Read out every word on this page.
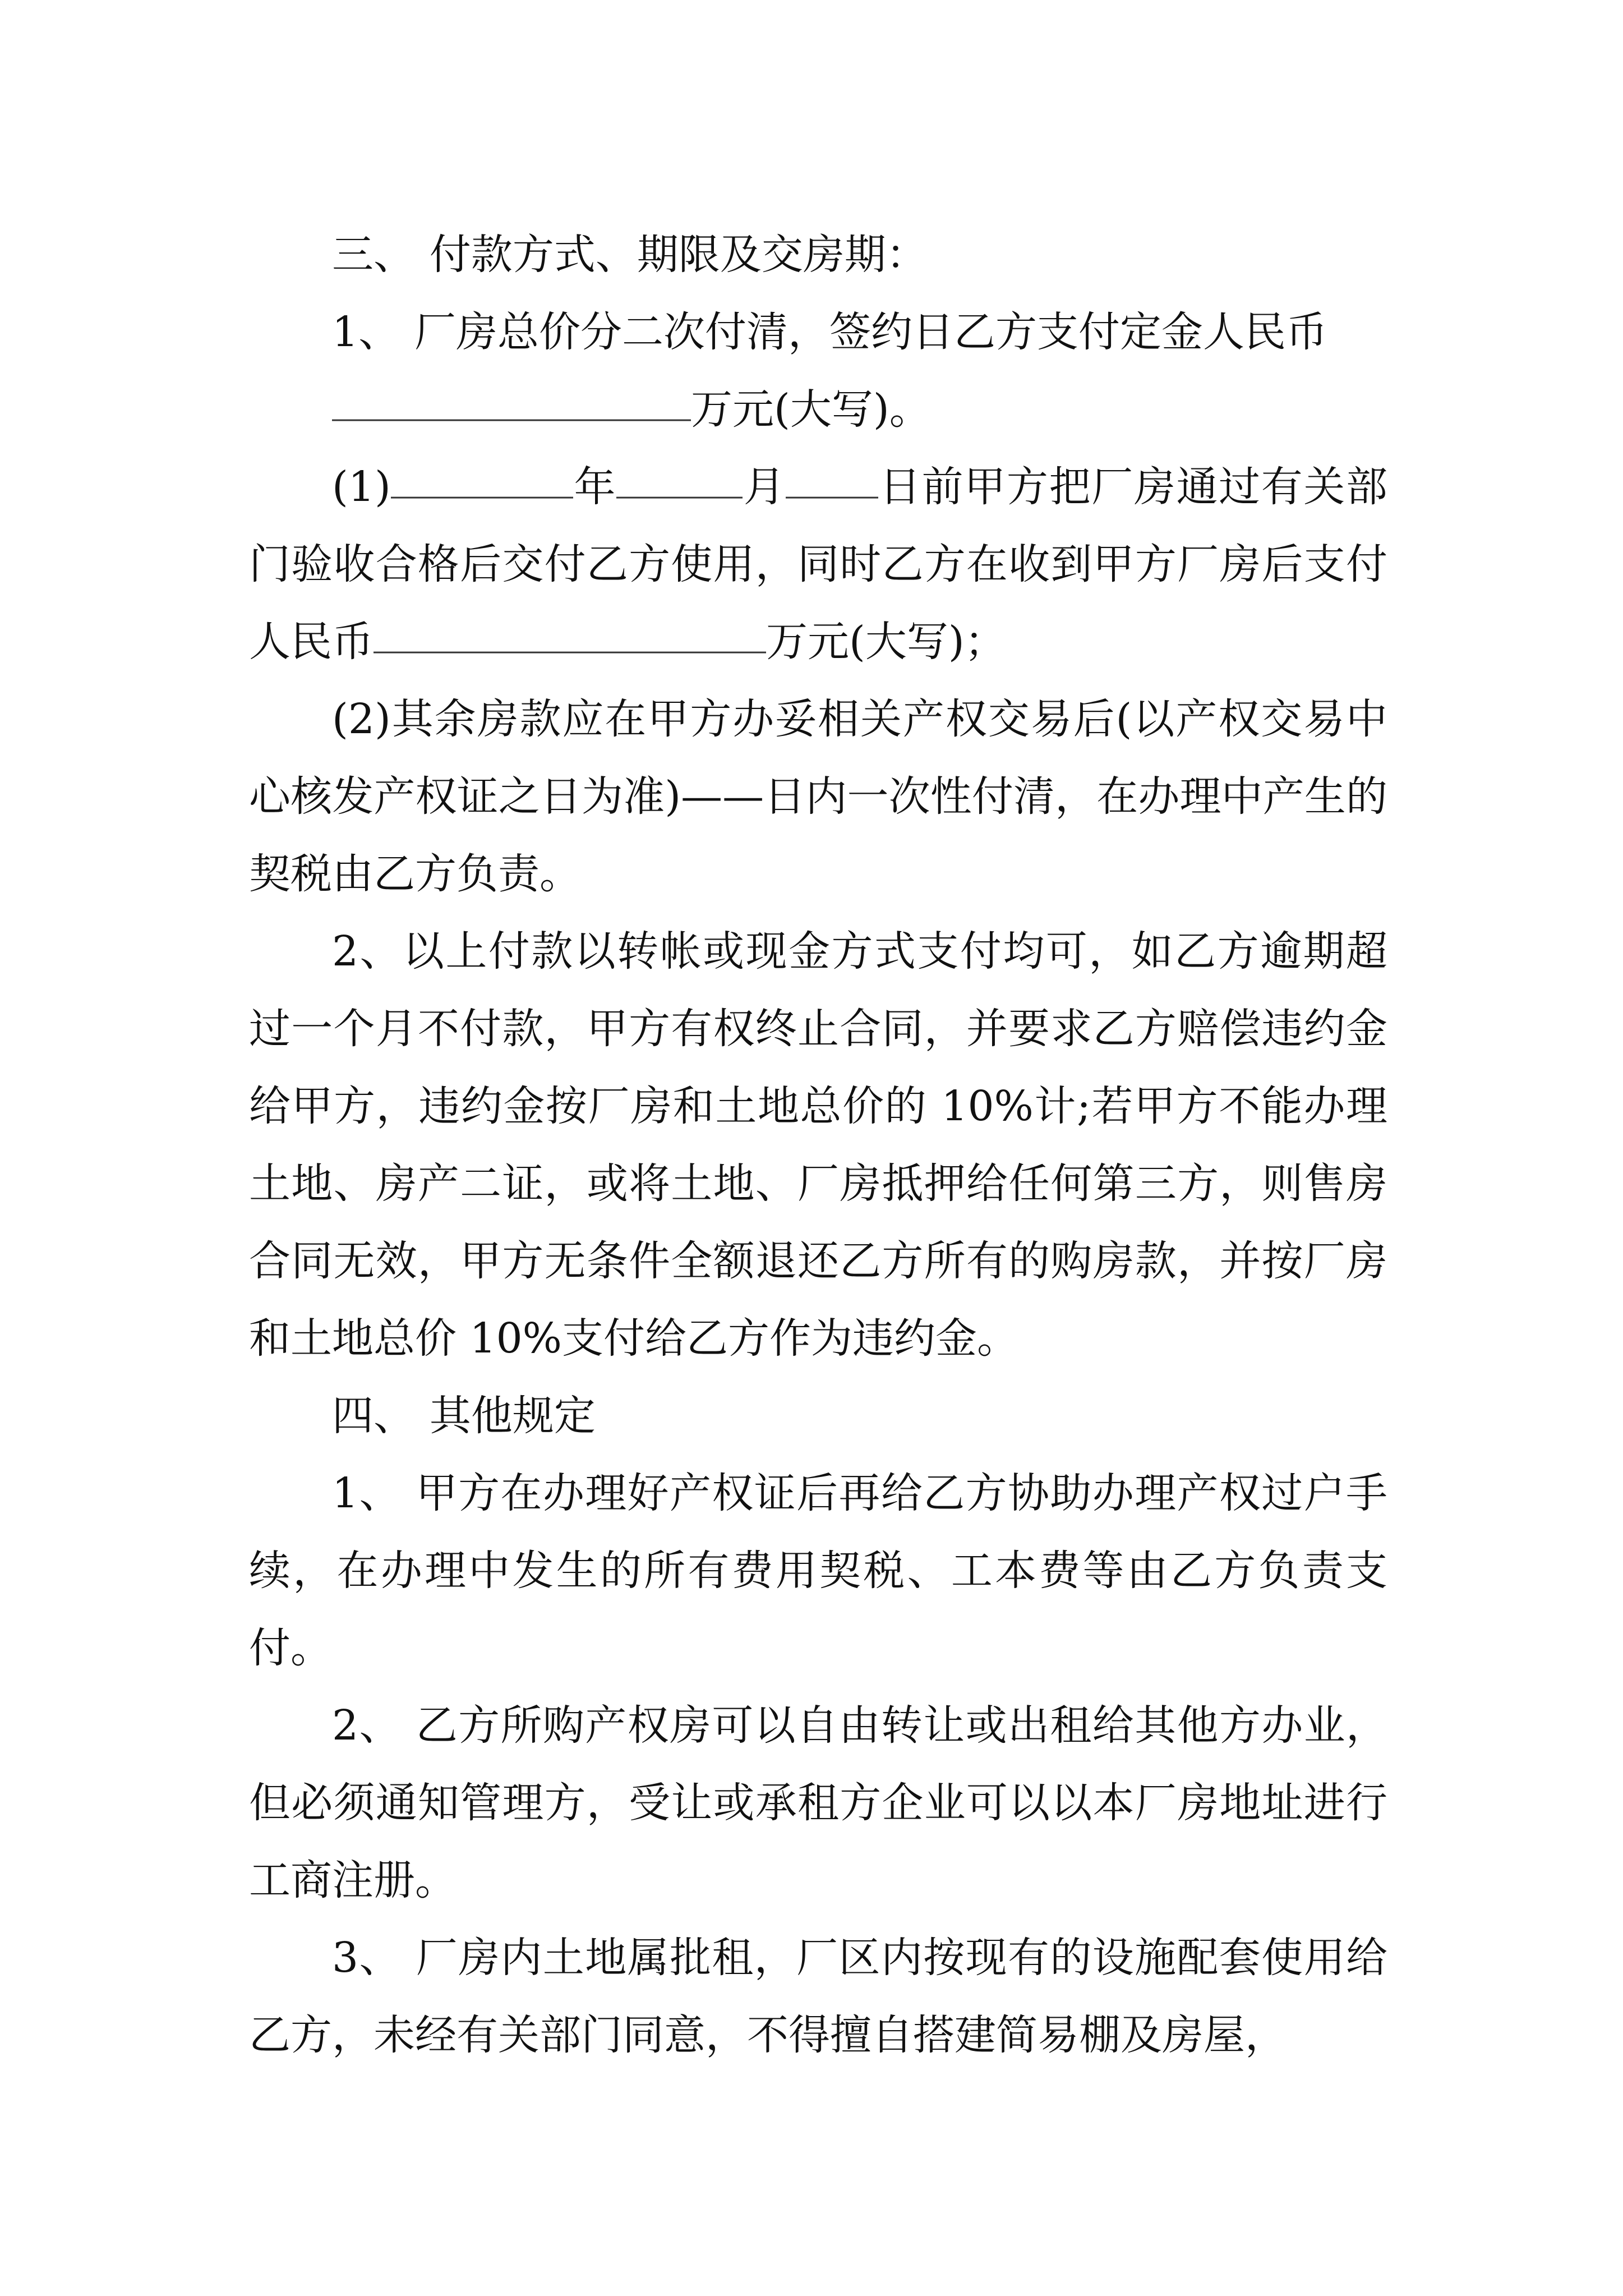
三、 付款方式、期限及交房期：

1、 厂房总价分二次付清，签约日乙方支付定金人民币
万元(大写)。

(1)	年	月 日前甲方把厂房通过有关部门验收合格后交付乙方使用，同时乙方在收到甲方厂房后支付人民币	万元(大写)；

(2)其余房款应在甲方办妥相关产权交易后(以产权交易中心核发产权证之日为准)——日内一次性付清，在办理中产生的契税由乙方负责。

2、以上付款以转帐或现金方式支付均可，如乙方逾期超过一个月不付款，甲方有权终止合同，并要求乙方赔偿违约金给甲方，违约金按厂房和土地总价的 10%计;若甲方不能办理土地、房产二证，或将土地、厂房抵押给任何第三方，则售房合同无效，甲方无条件全额退还乙方所有的购房款，并按厂房和土地总价 10%支付给乙方作为违约金。

四、 其他规定

1、 甲方在办理好产权证后再给乙方协助办理产权过户手续，在办理中发生的所有费用契税、工本费等由乙方负责支付。

2、 乙方所购产权房可以自由转让或出租给其他方办业，但必须通知管理方，受让或承租方企业可以以本厂房地址进行工商注册。

3、 厂房内土地属批租，厂区内按现有的设施配套使用给乙方，未经有关部门同意，不得擅自搭建简易棚及房屋，
